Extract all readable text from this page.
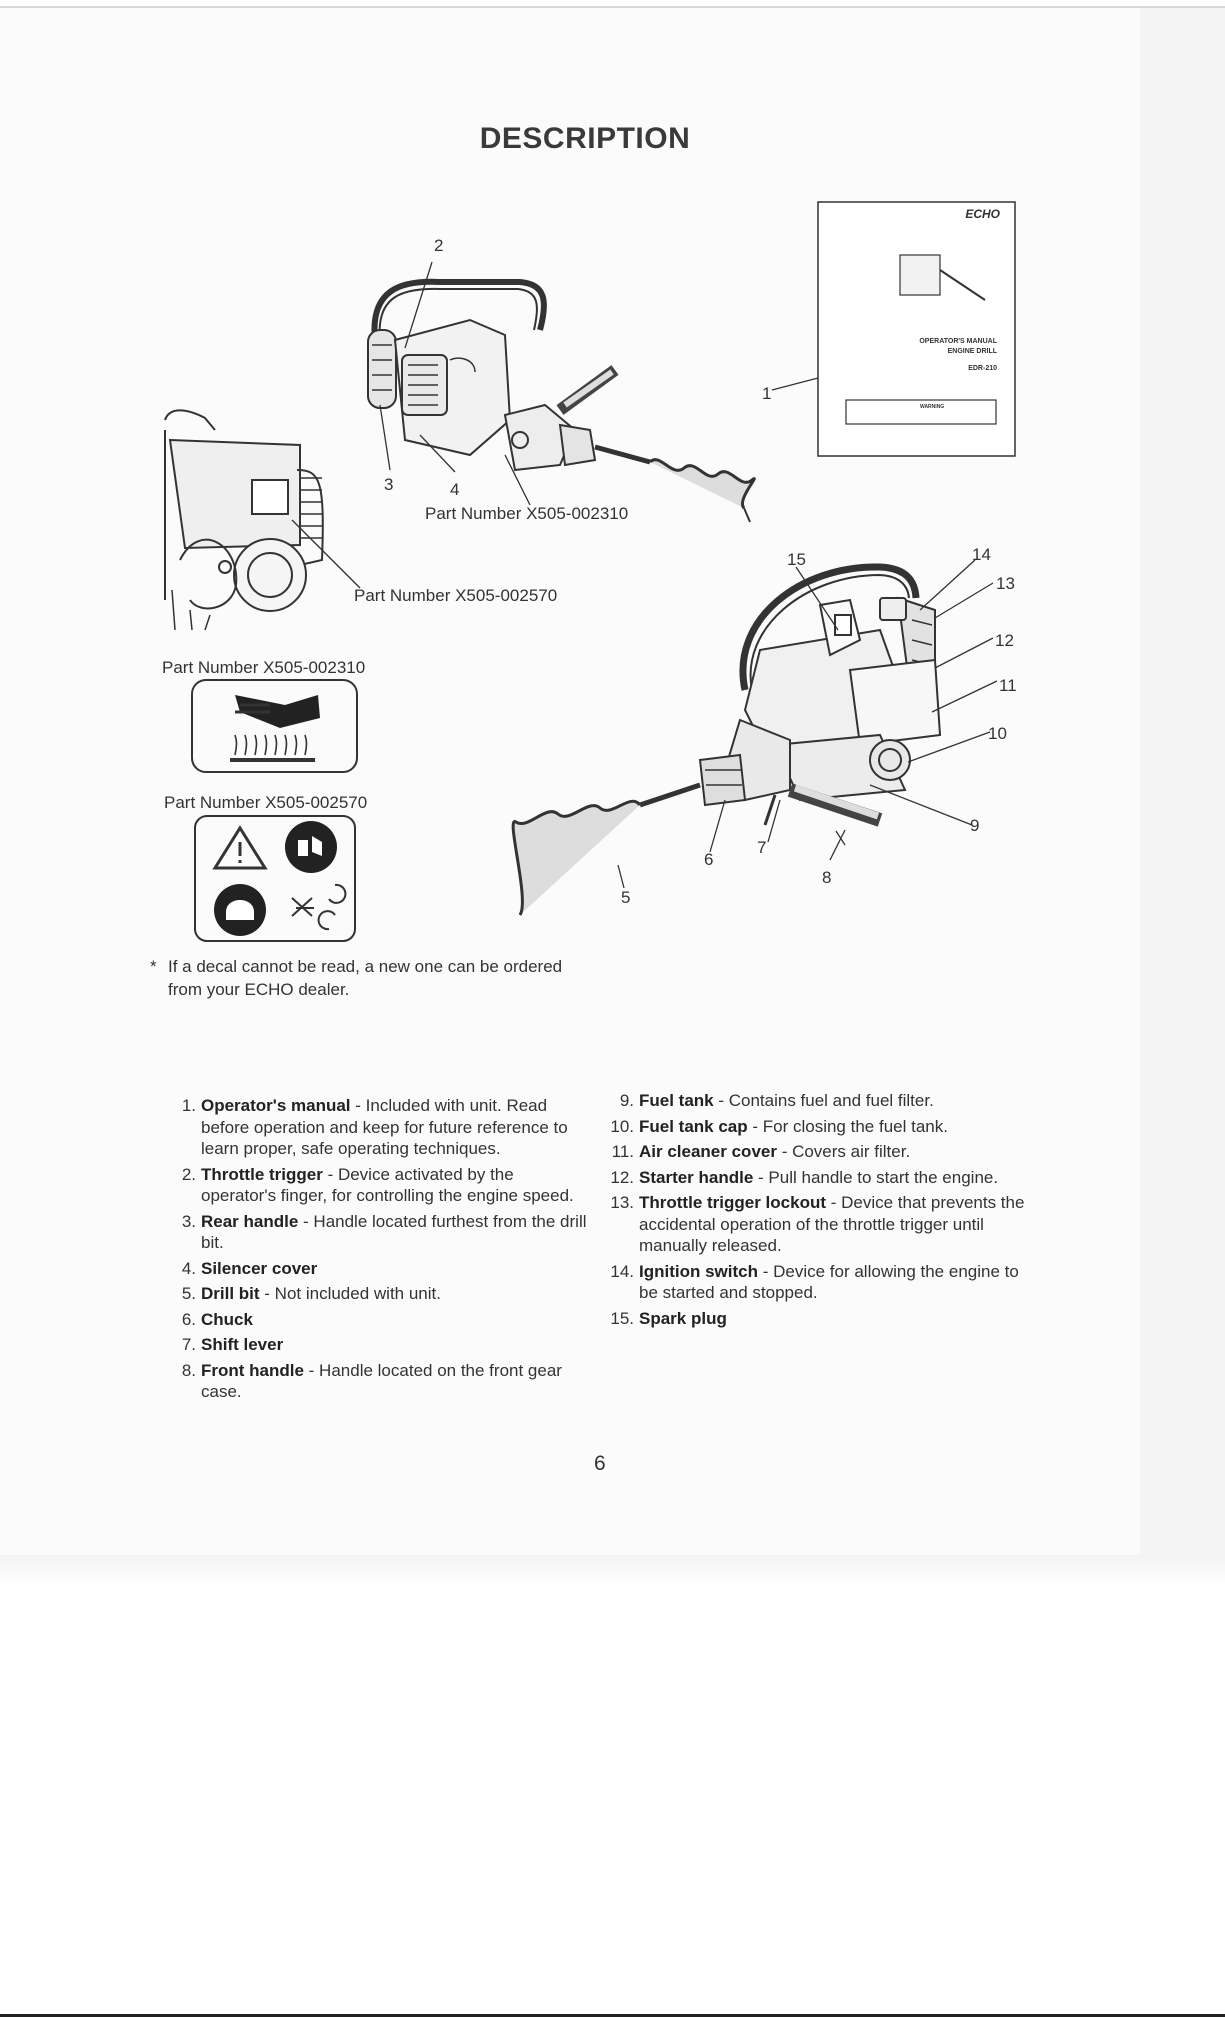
DESCRIPTION
2
3	4
1
15	14
13
12
11
10
9
8
7
6
5
Part Number X505-002310
Part Number X505-002570
Part Number X505-002310
Part Number X505-002570
ECHO
OPERATOR'S MANUAL
ENGINE DRILL
EDR-210
WARNING
* If a decal cannot be read, a new one can be ordered from your ECHO dealer.
1. Operator's manual - Included with unit. Read before operation and keep for future reference to learn proper, safe operating techniques.
2. Throttle trigger - Device activated by the operator's finger, for controlling the engine speed.
3. Rear handle - Handle located furthest from the drill bit.
4. Silencer cover
5. Drill bit - Not included with unit.
6. Chuck
7. Shift lever
8. Front handle - Handle located on the front gear case.
9. Fuel tank - Contains fuel and fuel filter.
10. Fuel tank cap - For closing the fuel tank.
11. Air cleaner cover - Covers air filter.
12. Starter handle - Pull handle to start the engine.
13. Throttle trigger lockout - Device that prevents the accidental operation of the throttle trigger until manually released.
14. Ignition switch - Device for allowing the engine to be started and stopped.
15. Spark plug
6
